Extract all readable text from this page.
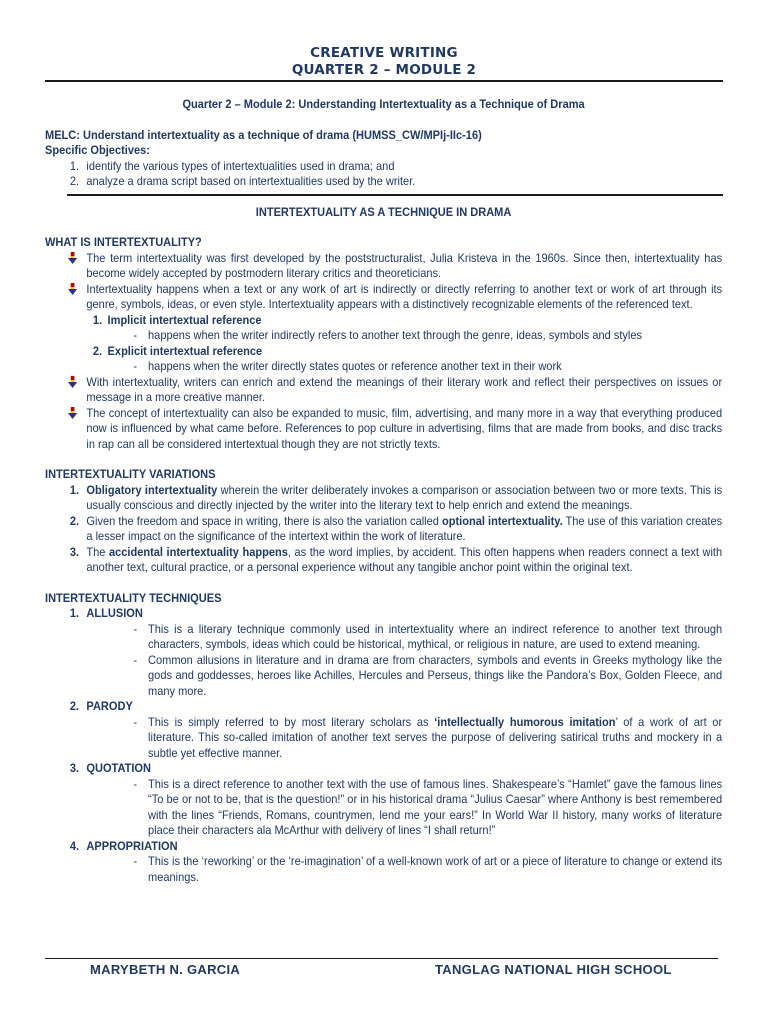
CREATIVE WRITING
QUARTER 2 – MODULE 2

Quarter 2 – Module 2: Understanding Intertextuality as a Technique of Drama

MELC: Understand intertextuality as a technique of drama (HUMSS_CW/MPIj-IIc-16)

Specific Objectives:

1. identify the various types of intertextualities used in drama; and
2. analyze a drama script based on intertextualities used by the writer.

INTERTEXTUALITY AS A TECHNIQUE IN DRAMA

WHAT IS INTERTEXTUALITY?

The term intertextuality was first developed by the poststructuralist, Julia Kristeva in the 1960s. Since then, intertextuality has become widely accepted by postmodern literary critics and theoreticians.
Intertextuality happens when a text or any work of art is indirectly or directly referring to another text or work of art through its genre, symbols, ideas, or even style. Intertextuality appears with a distinctively recognizable elements of the referenced text.
1. Implicit intertextual reference
- happens when the writer indirectly refers to another text through the genre, ideas, symbols and styles
2. Explicit intertextual reference
- happens when the writer directly states quotes or reference another text in their work
With intertextuality, writers can enrich and extend the meanings of their literary work and reflect their perspectives on issues or message in a more creative manner.
The concept of intertextuality can also be expanded to music, film, advertising, and many more in a way that everything produced now is influenced by what came before. References to pop culture in advertising, films that are made from books, and disc tracks in rap can all be considered intertextual though they are not strictly texts.

INTERTEXTUALITY VARIATIONS

1. Obligatory intertextuality wherein the writer deliberately invokes a comparison or association between two or more texts. This is usually conscious and directly injected by the writer into the literary text to help enrich and extend the meanings.
2. Given the freedom and space in writing, there is also the variation called optional intertextuality. The use of this variation creates a lesser impact on the significance of the intertext within the work of literature.
3. The accidental intertextuality happens, as the word implies, by accident. This often happens when readers connect a text with another text, cultural practice, or a personal experience without any tangible anchor point within the original text.

INTERTEXTUALITY TECHNIQUES

1. ALLUSION
- This is a literary technique commonly used in intertextuality where an indirect reference to another text through characters, symbols, ideas which could be historical, mythical, or religious in nature, are used to extend meaning.
- Common allusions in literature and in drama are from characters, symbols and events in Greeks mythology like the gods and goddesses, heroes like Achilles, Hercules and Perseus, things like the Pandora’s Box, Golden Fleece, and many more.
2. PARODY
- This is simply referred to by most literary scholars as ‘intellectually humorous imitation’ of a work of art or literature. This so-called imitation of another text serves the purpose of delivering satirical truths and mockery in a subtle yet effective manner.
3. QUOTATION
- This is a direct reference to another text with the use of famous lines. Shakespeare’s “Hamlet” gave the famous lines “To be or not to be, that is the question!” or in his historical drama “Julius Caesar” where Anthony is best remembered with the lines “Friends, Romans, countrymen, lend me your ears!” In World War II history, many works of literature place their characters ala McArthur with delivery of lines “I shall return!”
4. APPROPRIATION
- This is the ‘reworking’ or the ‘re-imagination’ of a well-known work of art or a piece of literature to change or extend its meanings.
MARYBETH N. GARCIA	TANGLAG NATIONAL HIGH SCHOOL
